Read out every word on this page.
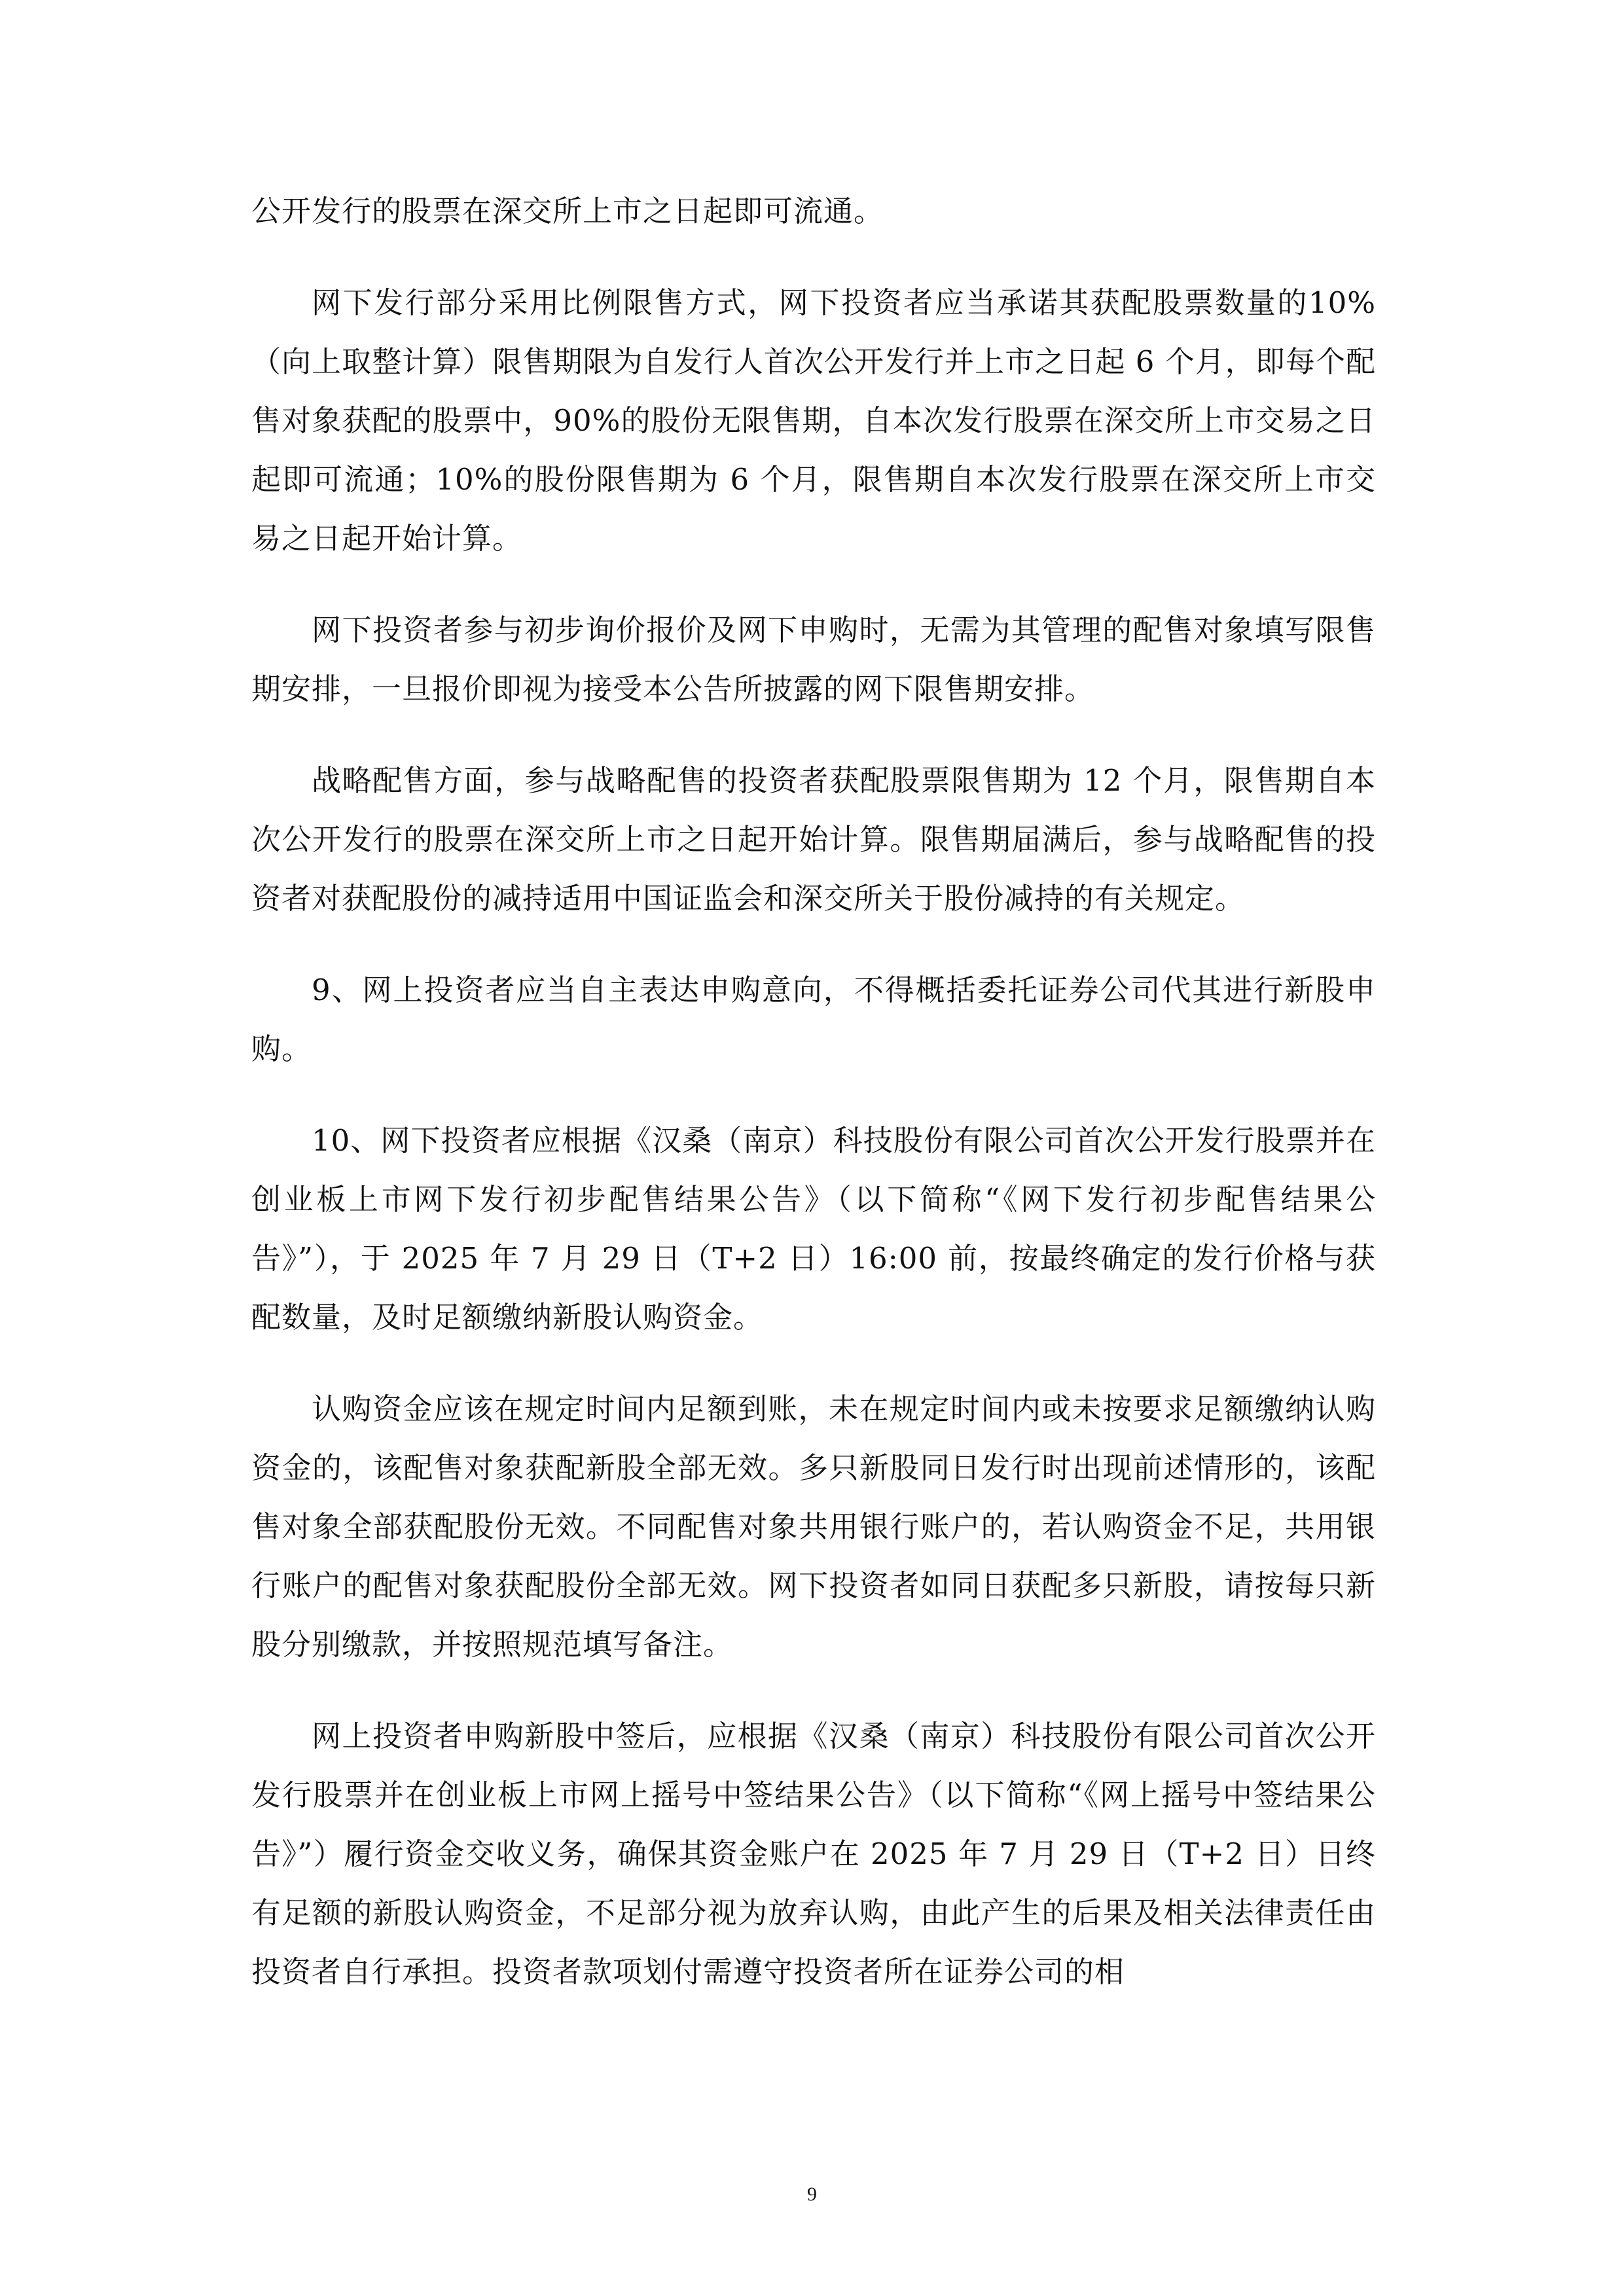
公开发行的股票在深交所上市之日起即可流通。

网下发行部分采用比例限售方式，网下投资者应当承诺其获配股票数量的10%（向上取整计算）限售期限为自发行人首次公开发行并上市之日起 6 个月，即每个配售对象获配的股票中，90%的股份无限售期，自本次发行股票在深交所上市交易之日起即可流通；10%的股份限售期为 6 个月，限售期自本次发行股票在深交所上市交易之日起开始计算。

网下投资者参与初步询价报价及网下申购时，无需为其管理的配售对象填写限售期安排，一旦报价即视为接受本公告所披露的网下限售期安排。

战略配售方面，参与战略配售的投资者获配股票限售期为 12 个月，限售期自本次公开发行的股票在深交所上市之日起开始计算。限售期届满后，参与战略配售的投资者对获配股份的减持适用中国证监会和深交所关于股份减持的有关规定。

9、网上投资者应当自主表达申购意向，不得概括委托证券公司代其进行新股申购。

10、网下投资者应根据《汉桑（南京）科技股份有限公司首次公开发行股票并在创业板上市网下发行初步配售结果公告》（以下简称“《网下发行初步配售结果公告》”），于 2025 年 7 月 29 日（T+2 日）16:00 前，按最终确定的发行价格与获配数量，及时足额缴纳新股认购资金。

认购资金应该在规定时间内足额到账，未在规定时间内或未按要求足额缴纳认购资金的，该配售对象获配新股全部无效。多只新股同日发行时出现前述情形的，该配售对象全部获配股份无效。不同配售对象共用银行账户的，若认购资金不足，共用银行账户的配售对象获配股份全部无效。网下投资者如同日获配多只新股，请按每只新股分别缴款，并按照规范填写备注。

网上投资者申购新股中签后，应根据《汉桑（南京）科技股份有限公司首次公开发行股票并在创业板上市网上摇号中签结果公告》（以下简称“《网上摇号中签结果公告》”）履行资金交收义务，确保其资金账户在 2025 年 7 月 29 日（T+2 日）日终有足额的新股认购资金，不足部分视为放弃认购，由此产生的后果及相关法律责任由投资者自行承担。投资者款项划付需遵守投资者所在证券公司的相

9
